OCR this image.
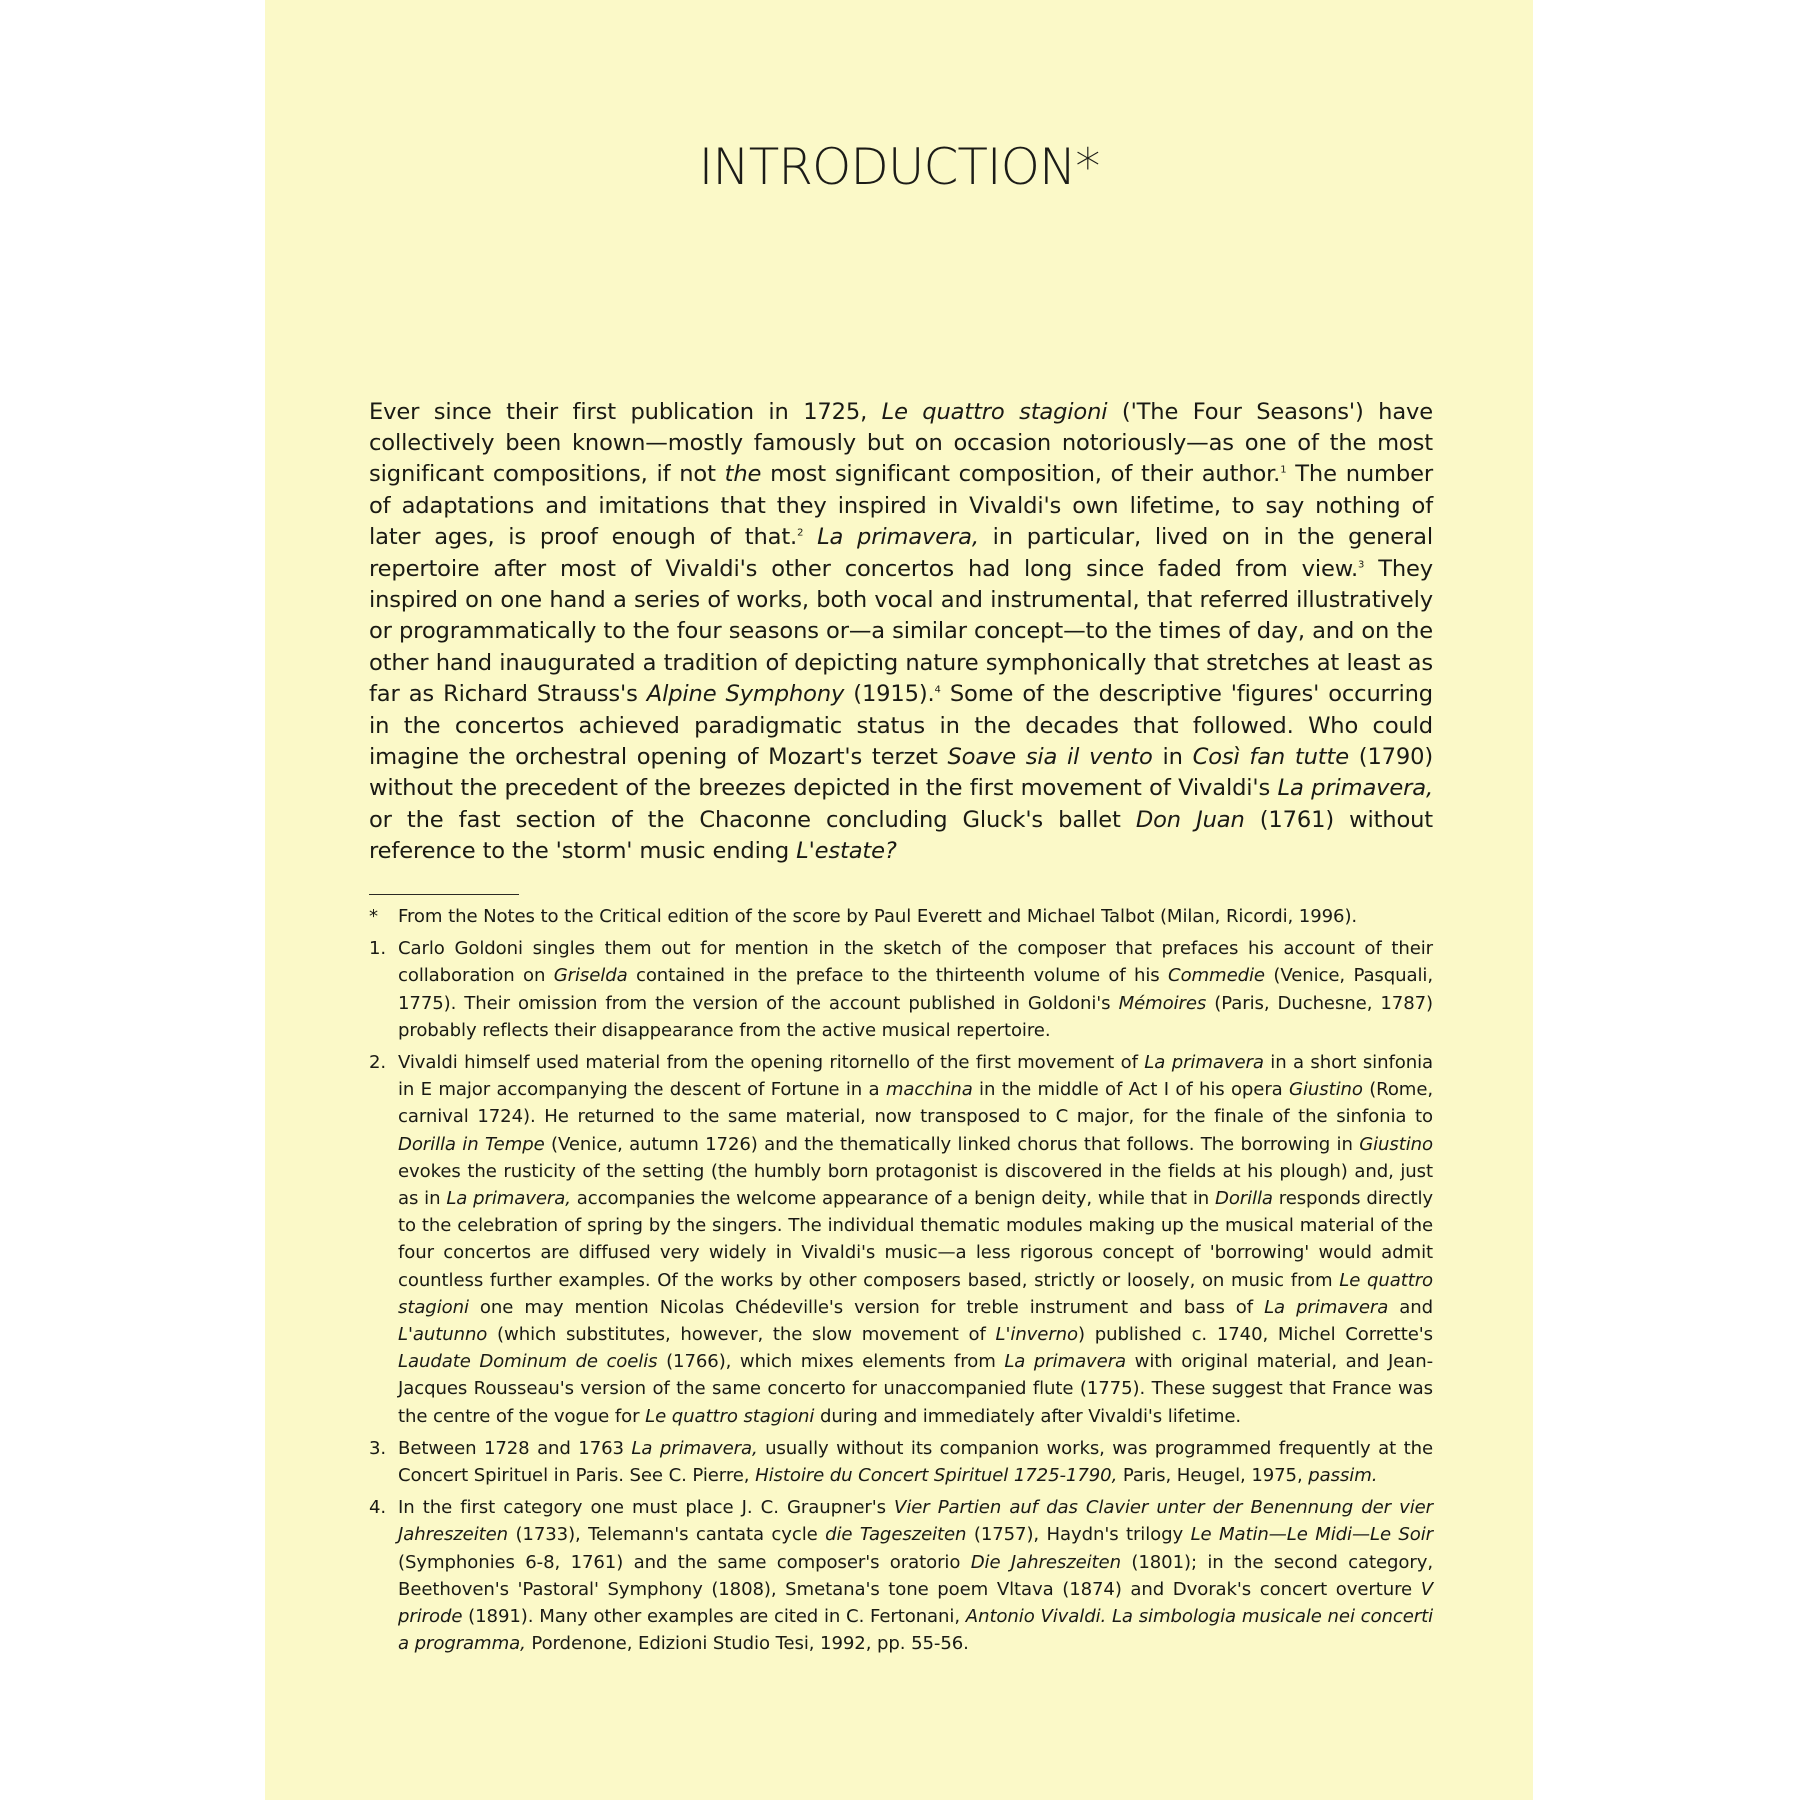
INTRODUCTION*

Ever since their first publication in 1725, Le quattro stagioni ('The Four Seasons') have collectively been known—mostly famously but on occasion notoriously—as one of the most significant compositions, if not the most significant composition, of their author.$^1$ The number of adaptations and imitations that they inspired in Vivaldi's own lifetime, to say nothing of later ages, is proof enough of that.$^2$ La primavera, in particular, lived on in the general repertoire after most of Vivaldi's other concertos had long since faded from view.$^3$ They inspired on one hand a series of works, both vocal and instrumental, that referred illustratively or programmatically to the four seasons or—a similar concept—to the times of day, and on the other hand inaugurated a tradition of depicting nature symphonically that stretches at least as far as Richard Strauss's Alpine Symphony (1915).$^4$ Some of the descriptive 'figures' occurring in the concertos achieved paradigmatic status in the decades that followed. Who could imagine the orchestral opening of Mozart's terzet Soave sia il vento in Così fan tutte (1790) without the precedent of the breezes depicted in the first movement of Vivaldi's La primavera, or the fast section of the Chaconne concluding Gluck's ballet Don Juan (1761) without reference to the 'storm' music ending L'estate?

* From the Notes to the Critical edition of the score by Paul Everett and Michael Talbot (Milan, Ricordi, 1996).
1. Carlo Goldoni singles them out for mention in the sketch of the composer that prefaces his account of their collaboration on Griselda contained in the preface to the thirteenth volume of his Commedie (Venice, Pasquali, 1775). Their omission from the version of the account published in Goldoni's Mémoires (Paris, Duchesne, 1787) probably reflects their disappearance from the active musical repertoire.
2. Vivaldi himself used material from the opening ritornello of the first movement of La primavera in a short sinfonia in E major accompanying the descent of Fortune in a macchina in the middle of Act I of his opera Giustino (Rome, carnival 1724). He returned to the same material, now transposed to C major, for the finale of the sinfonia to Dorilla in Tempe (Venice, autumn 1726) and the thematically linked chorus that follows. The borrowing in Giustino evokes the rusticity of the setting (the humbly born protagonist is discovered in the fields at his plough) and, just as in La primavera, accompanies the welcome appearance of a benign deity, while that in Dorilla responds directly to the celebration of spring by the singers. The individual thematic modules making up the musical material of the four concertos are diffused very widely in Vivaldi's music—a less rigorous concept of 'borrowing' would admit countless further examples. Of the works by other composers based, strictly or loosely, on music from Le quattro stagioni one may mention Nicolas Chédeville's version for treble instrument and bass of La primavera and L'autunno (which substitutes, however, the slow movement of L'inverno) published c. 1740, Michel Corrette's Laudate Dominum de coelis (1766), which mixes elements from La primavera with original material, and Jean-Jacques Rousseau's version of the same concerto for unaccompanied flute (1775). These suggest that France was the centre of the vogue for Le quattro stagioni during and immediately after Vivaldi's lifetime.
3. Between 1728 and 1763 La primavera, usually without its companion works, was programmed frequently at the Concert Spirituel in Paris. See C. Pierre, Histoire du Concert Spirituel 1725-1790, Paris, Heugel, 1975, passim.
4. In the first category one must place J. C. Graupner's Vier Partien auf das Clavier unter der Benennung der vier Jahreszeiten (1733), Telemann's cantata cycle die Tageszeiten (1757), Haydn's trilogy Le Matin—Le Midi—Le Soir (Symphonies 6-8, 1761) and the same composer's oratorio Die Jahreszeiten (1801); in the second category, Beethoven's 'Pastoral' Symphony (1808), Smetana's tone poem Vltava (1874) and Dvorak's concert overture V prirode (1891). Many other examples are cited in C. Fertonani, Antonio Vivaldi. La simbologia musicale nei concerti a programma, Pordenone, Edizioni Studio Tesi, 1992, pp. 55-56.
